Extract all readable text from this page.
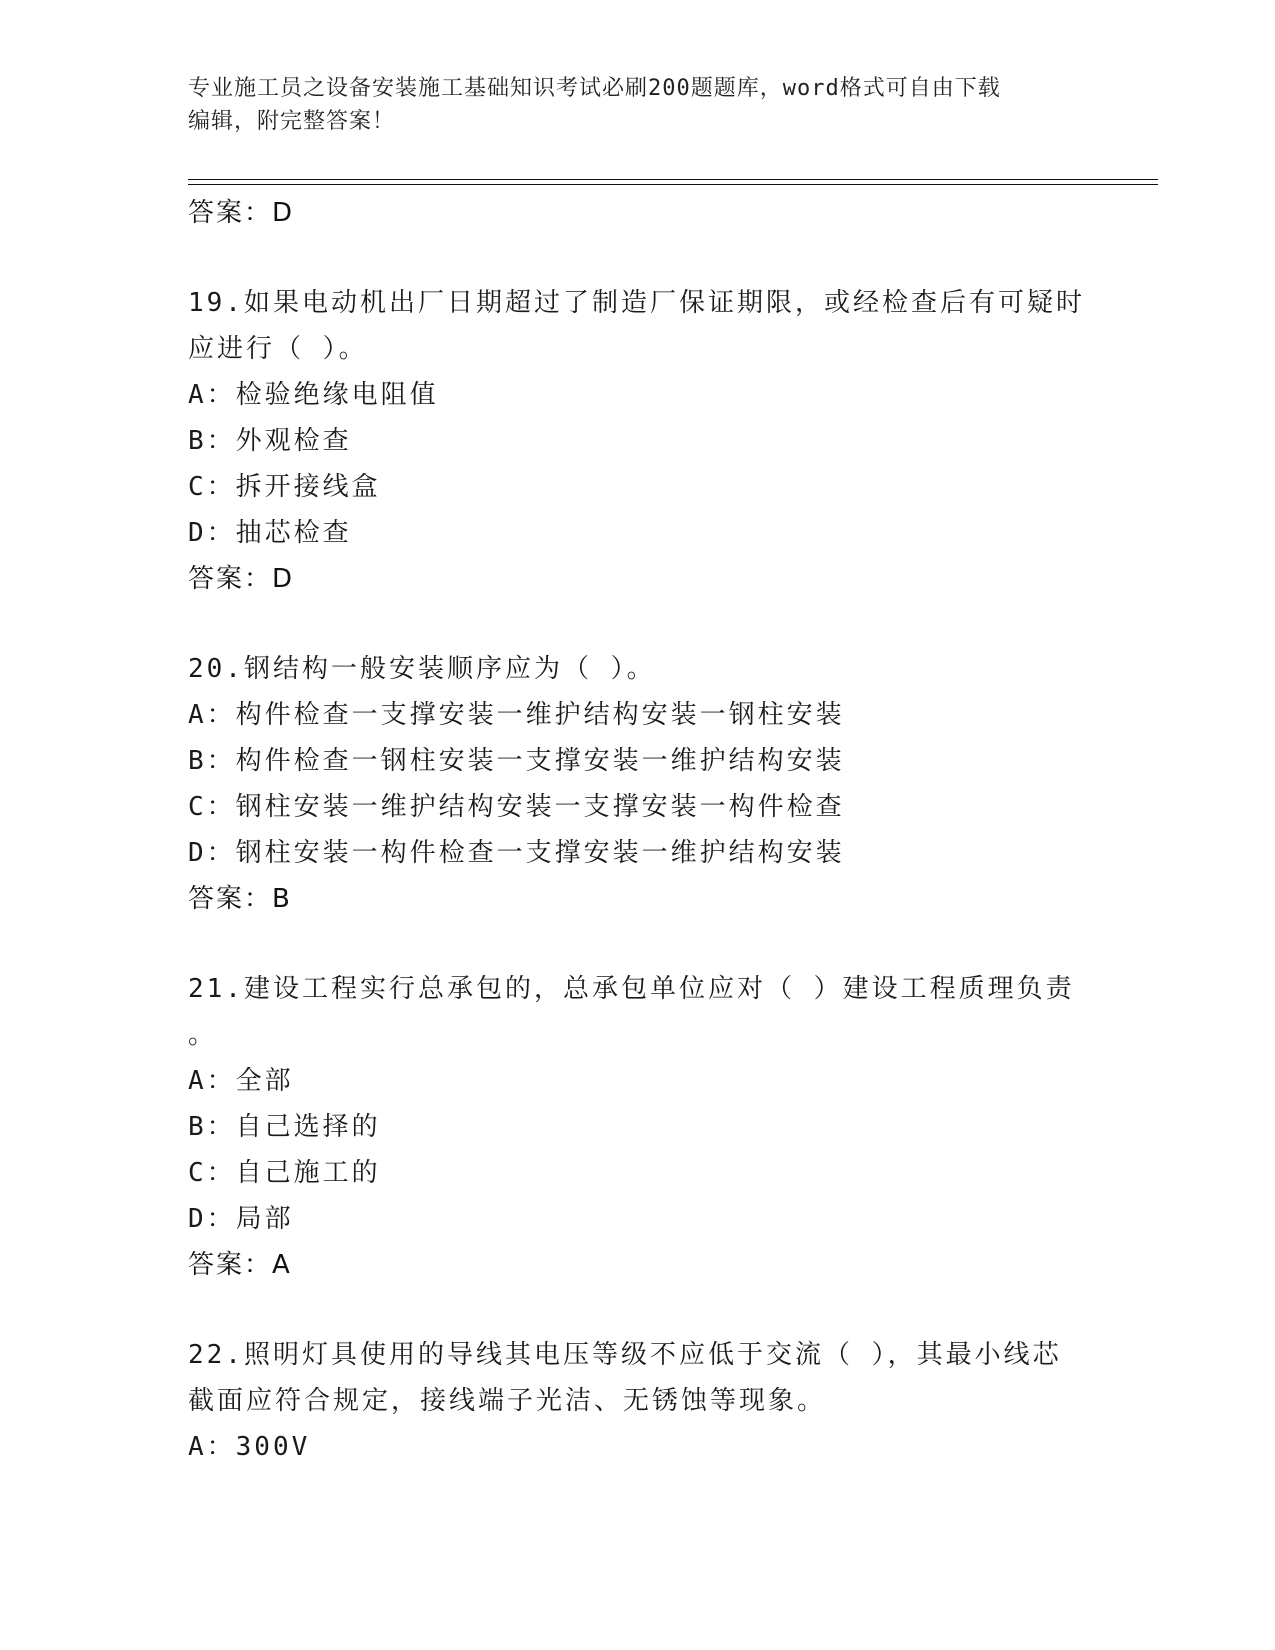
专业施工员之设备安装施工基础知识考试必刷200题题库，word格式可自由下载
编辑，附完整答案！
答案：D
19.如果电动机出厂日期超过了制造厂保证期限，或经检查后有可疑时
应进行（ ）。
A：检验绝缘电阻值
B：外观检查
C：拆开接线盒
D：抽芯检查
答案：D
20.钢结构一般安装顺序应为（ ）。
A：构件检查一支撑安装一维护结构安装一钢柱安装
B：构件检查一钢柱安装一支撑安装一维护结构安装
C：钢柱安装一维护结构安装一支撑安装一构件检查
D：钢柱安装一构件检查一支撑安装一维护结构安装
答案：B
21.建设工程实行总承包的，总承包单位应对（ ）建设工程质理负责
。
A：全部
B：自己选择的
C：自己施工的
D：局部
答案：A
22.照明灯具使用的导线其电压等级不应低于交流（ ），其最小线芯
截面应符合规定，接线端子光洁、无锈蚀等现象。
A：300V
